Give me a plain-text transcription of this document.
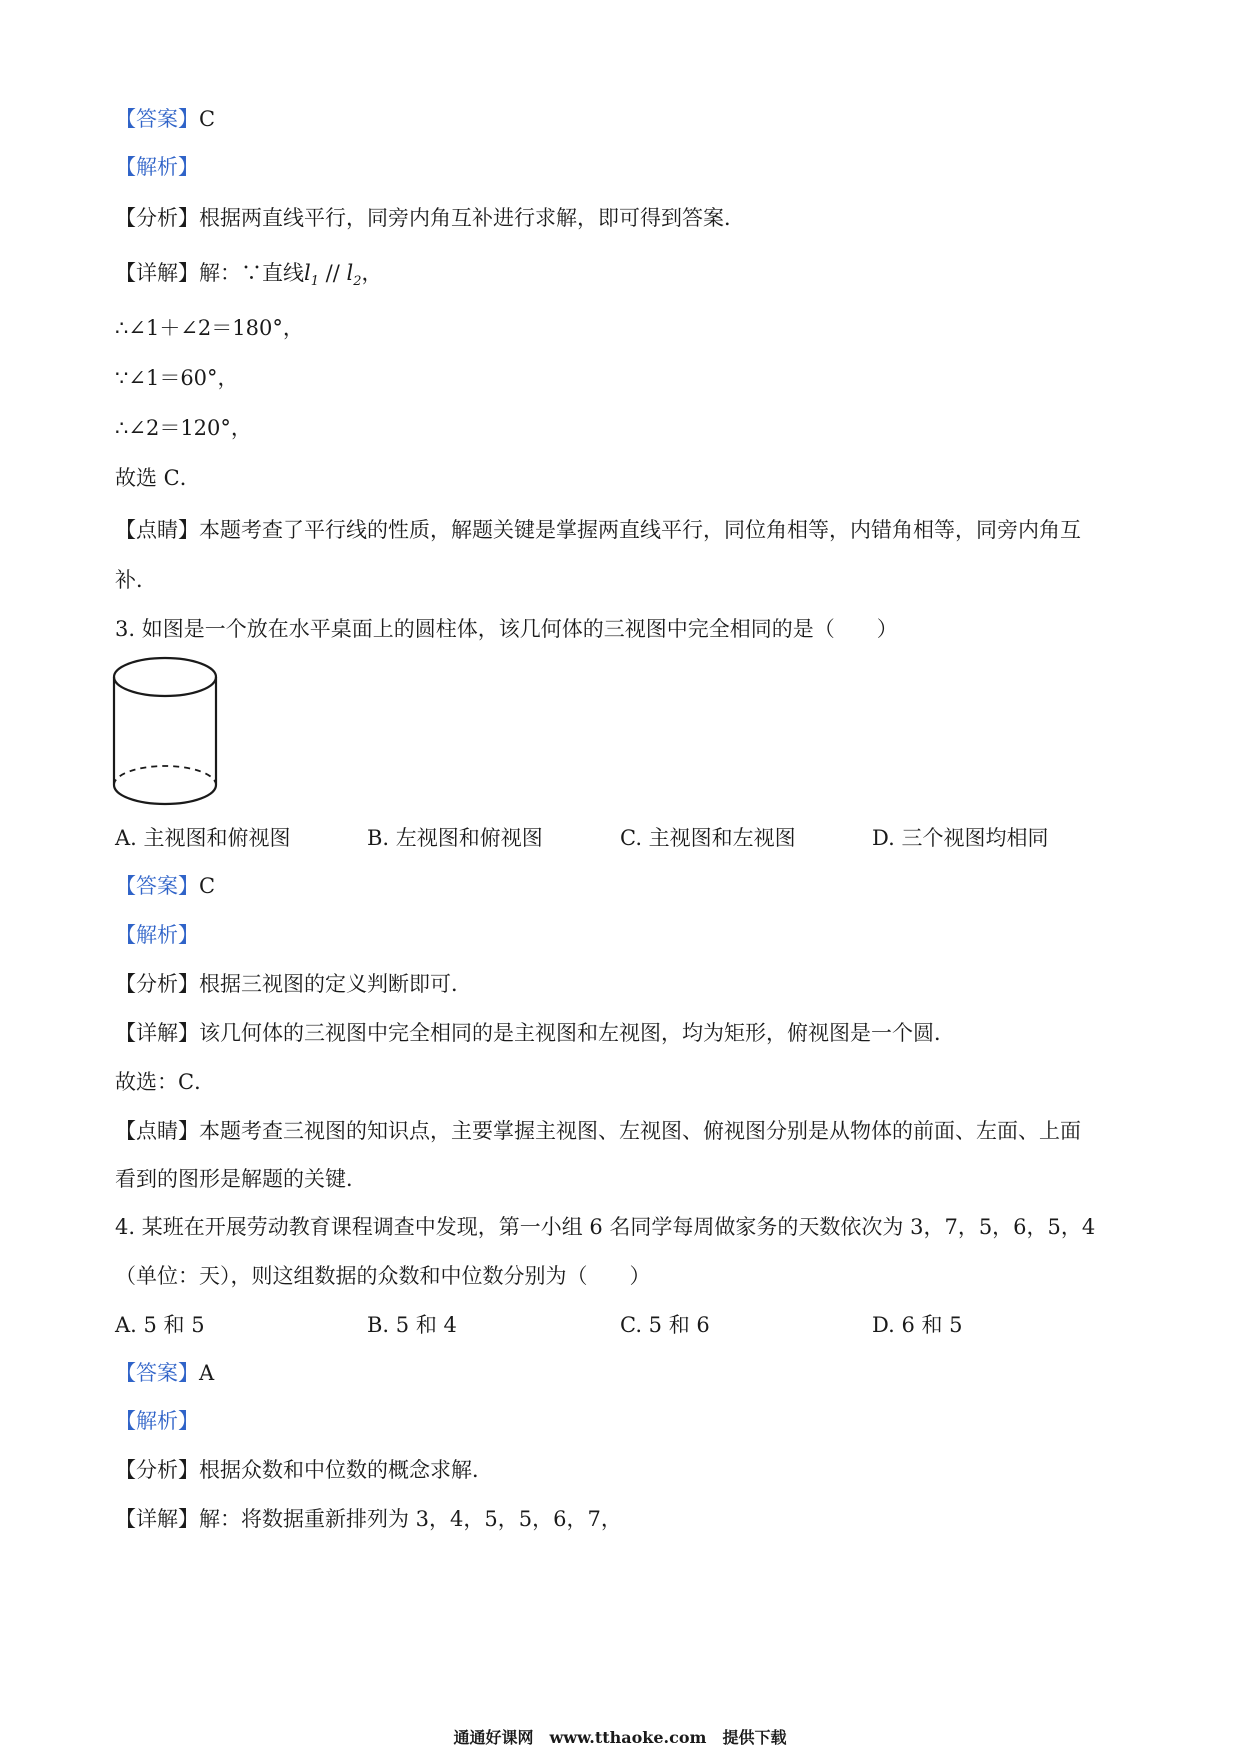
【答案】C
【解析】
【分析】根据两直线平行，同旁内角互补进行求解，即可得到答案．
【详解】解：∵直线$l_1 // l_2$，
∴∠1＋∠2＝180°，
∵∠1＝60°，
∴∠2＝120°，
故选 C．
【点睛】本题考查了平行线的性质，解题关键是掌握两直线平行，同位角相等，内错角相等，同旁内角互
补．
3. 如图是一个放在水平桌面上的圆柱体，该几何体的三视图中完全相同的是（　　）
A. 主视图和俯视图	B. 左视图和俯视图	C. 主视图和左视图	D. 三个视图均相同
【答案】C
【解析】
【分析】根据三视图的定义判断即可．
【详解】该几何体的三视图中完全相同的是主视图和左视图，均为矩形，俯视图是一个圆．
故选：C．
【点睛】本题考查三视图的知识点，主要掌握主视图、左视图、俯视图分别是从物体的前面、左面、上面
看到的图形是解题的关键．
4. 某班在开展劳动教育课程调查中发现，第一小组 6 名同学每周做家务的天数依次为 3，7，5，6，5，4
（单位：天），则这组数据的众数和中位数分别为（　　）
A. 5 和 5	B. 5 和 4	C. 5 和 6	D. 6 和 5
【答案】A
【解析】
【分析】根据众数和中位数的概念求解．
【详解】解：将数据重新排列为 3，4，5，5，6，7，
通通好课网　www.tthaoke.com　提供下载
